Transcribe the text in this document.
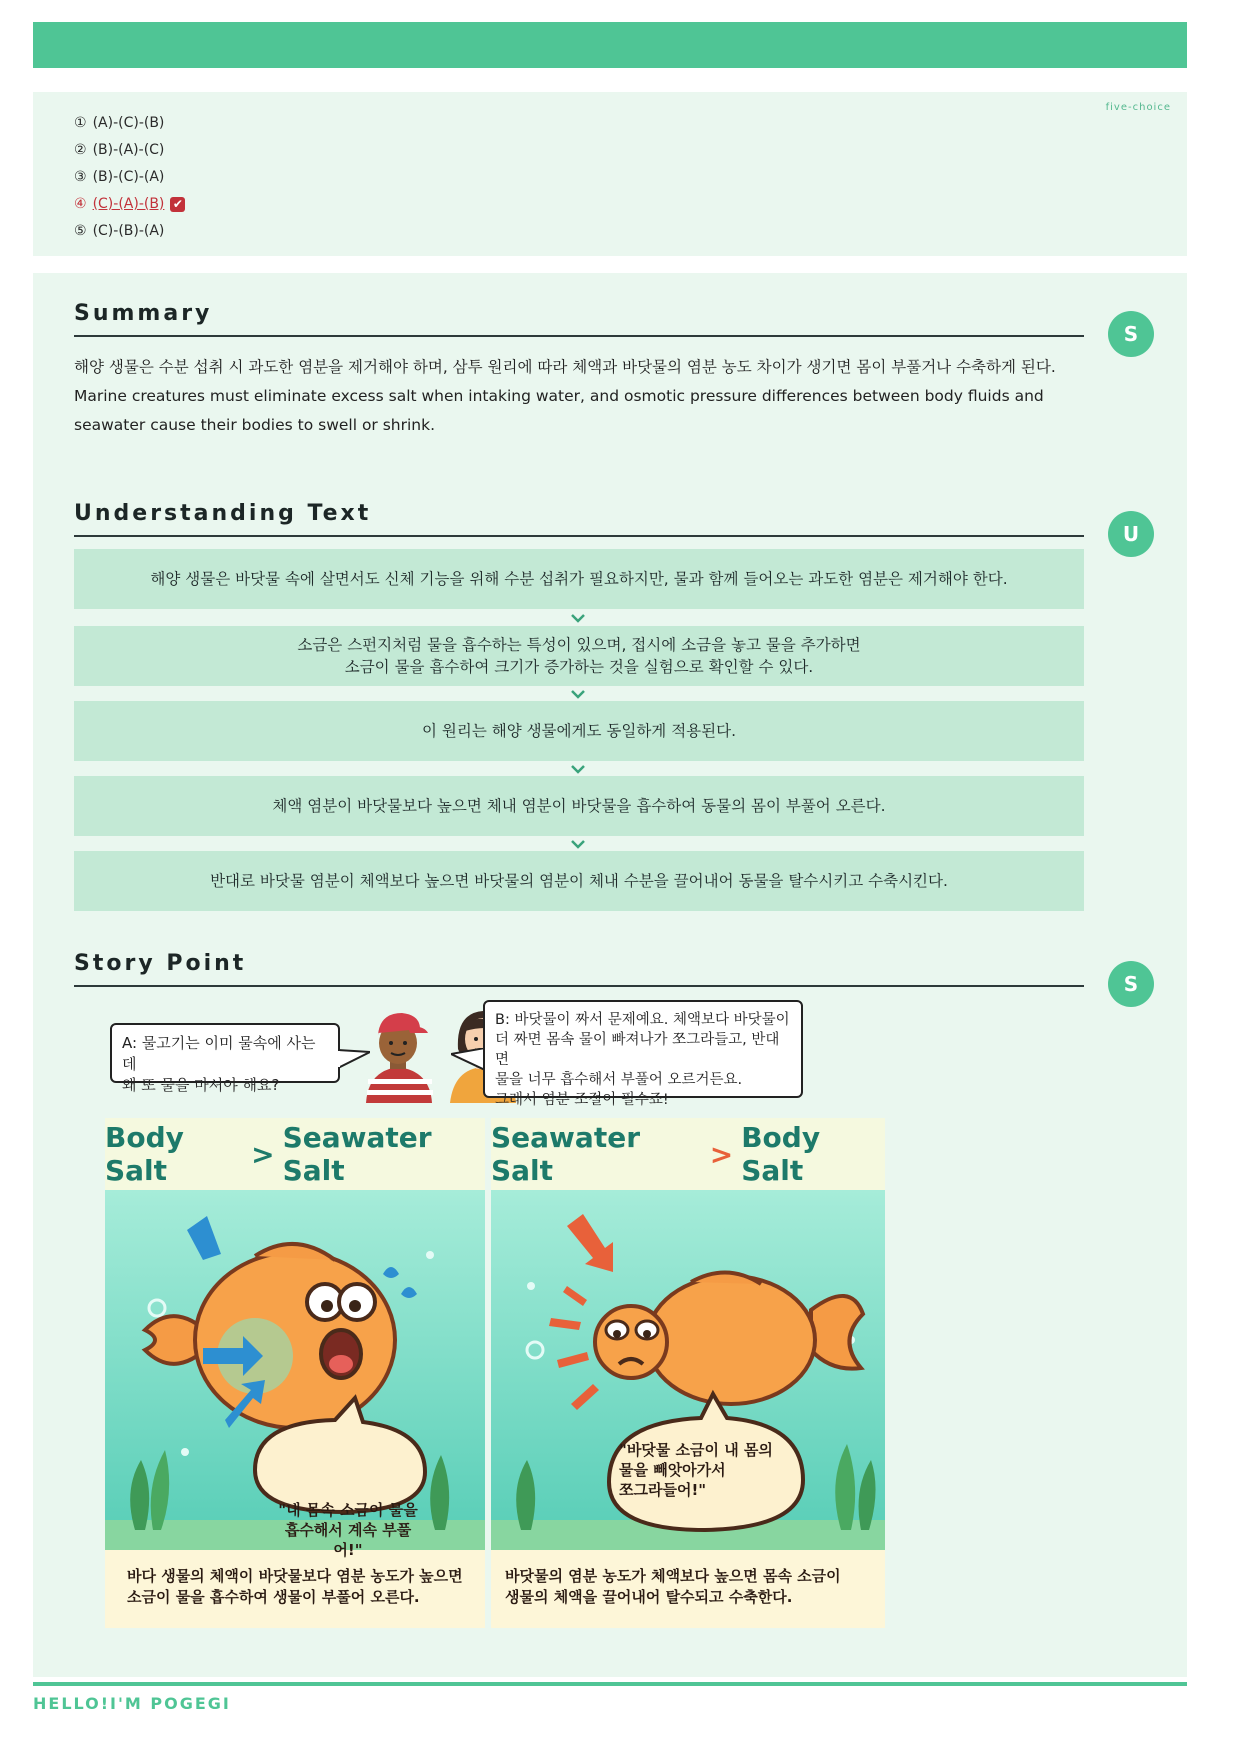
five-choice
① (A)-(C)-(B)
② (B)-(A)-(C)
③ (B)-(C)-(A)
④ (C)-(A)-(B) ✔
⑤ (C)-(B)-(A)
Summary
S
해양 생물은 수분 섭취 시 과도한 염분을 제거해야 하며, 삼투 원리에 따라 체액과 바닷물의 염분 농도 차이가 생기면 몸이 부풀거나 수축하게 된다.
Marine creatures must eliminate excess salt when intaking water, and osmotic pressure differences between body fluids and seawater cause their bodies to swell or shrink.
Understanding Text
U
해양 생물은 바닷물 속에 살면서도 신체 기능을 위해 수분 섭취가 필요하지만, 물과 함께 들어오는 과도한 염분은 제거해야 한다.
소금은 스펀지처럼 물을 흡수하는 특성이 있으며, 접시에 소금을 놓고 물을 추가하면
소금이 물을 흡수하여 크기가 증가하는 것을 실험으로 확인할 수 있다.
이 원리는 해양 생물에게도 동일하게 적용된다.
체액 염분이 바닷물보다 높으면 체내 염분이 바닷물을 흡수하여 동물의 몸이 부풀어 오른다.
반대로 바닷물 염분이 체액보다 높으면 바닷물의 염분이 체내 수분을 끌어내어 동물을 탈수시키고 수축시킨다.
Story Point
S
A: 물고기는 이미 물속에 사는데
왜 또 물을 마셔야 해요?
B: 바닷물이 짜서 문제예요. 체액보다 바닷물이
더 짜면 몸속 물이 빠져나가 쪼그라들고, 반대면
물을 너무 흡수해서 부풀어 오르거든요.
그래서 염분 조절이 필수죠!
Body Salt	> Seawater Salt
"내 몸속 소금이 물을
흡수해서 계속 부풀어!"
바다 생물의 체액이 바닷물보다 염분 농도가 높으면
소금이 물을 흡수하여 생물이 부풀어 오른다.
Seawater Salt	> Body Salt
"바닷물 소금이 내 몸의
물을 빼앗아가서
쪼그라들어!"
바닷물의 염분 농도가 체액보다 높으면 몸속 소금이
생물의 체액을 끌어내어 탈수되고 수축한다.
HELLO!I'M POGEGI
